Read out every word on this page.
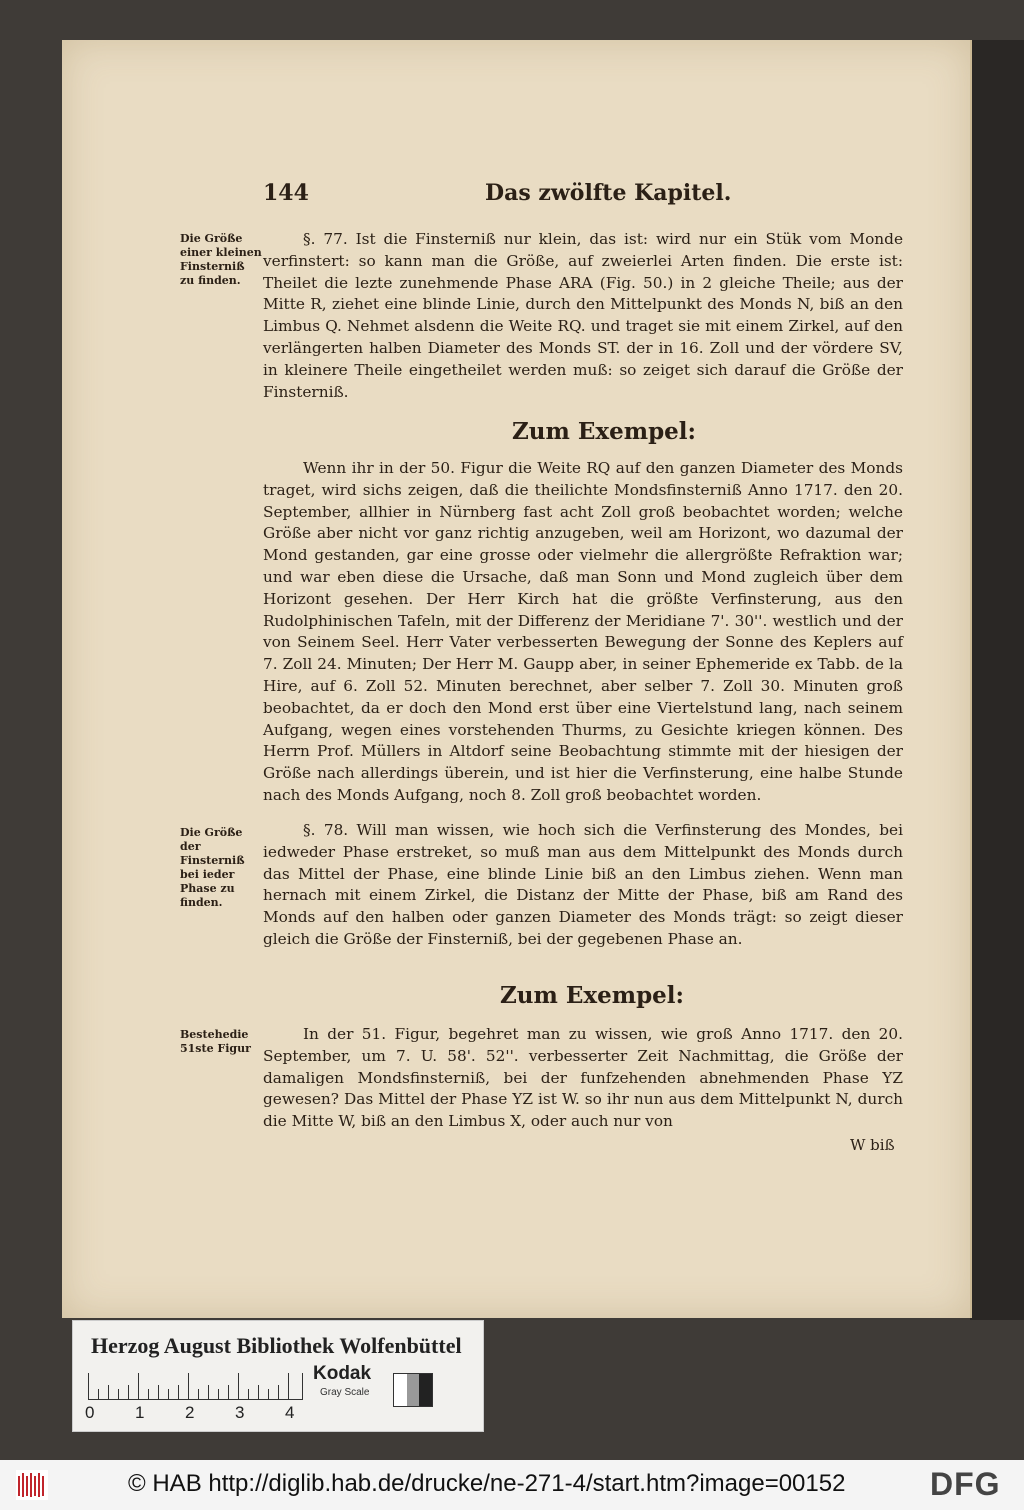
144	Das zwölfte Kapitel.
Die Größe einer kleinen Finsterniß zu finden.
Die Größe der Finsterniß bei ieder Phase zu finden.
Bestehedie 51ste Figur
§. 77. Ist die Finsterniß nur klein, das ist: wird nur ein Stük vom Monde verfinstert: so kann man die Größe, auf zweierlei Arten finden. Die erste ist: Theilet die lezte zunehmende Phase ARA (Fig. 50.) in 2 gleiche Theile; aus der Mitte R, ziehet eine blinde Linie, durch den Mittelpunkt des Monds N, biß an den Limbus Q. Nehmet alsdenn die Weite RQ. und traget sie mit einem Zirkel, auf den verlängerten halben Diameter des Monds ST. der in 16. Zoll und der vördere SV, in kleinere Theile eingetheilet werden muß: so zeiget sich darauf die Größe der Finsterniß.
Zum Exempel:
Wenn ihr in der 50. Figur die Weite RQ auf den ganzen Diameter des Monds traget, wird sichs zeigen, daß die theilichte Mondsfinsterniß Anno 1717. den 20. September, allhier in Nürnberg fast acht Zoll groß beobachtet worden; welche Größe aber nicht vor ganz richtig anzugeben, weil am Horizont, wo dazumal der Mond gestanden, gar eine grosse oder vielmehr die allergrößte Refraktion war; und war eben diese die Ursache, daß man Sonn und Mond zugleich über dem Horizont gesehen. Der Herr Kirch hat die größte Verfinsterung, aus den Rudolphinischen Tafeln, mit der Differenz der Meridiane 7'. 30''. westlich und der von Seinem Seel. Herr Vater verbesserten Bewegung der Sonne des Keplers auf 7. Zoll 24. Minuten; Der Herr M. Gaupp aber, in seiner Ephemeride ex Tabb. de la Hire, auf 6. Zoll 52. Minuten berechnet, aber selber 7. Zoll 30. Minuten groß beobachtet, da er doch den Mond erst über eine Viertelstund lang, nach seinem Aufgang, wegen eines vorstehenden Thurms, zu Gesichte kriegen können. Des Herrn Prof. Müllers in Altdorf seine Beobachtung stimmte mit der hiesigen der Größe nach allerdings überein, und ist hier die Verfinsterung, eine halbe Stunde nach des Monds Aufgang, noch 8. Zoll groß beobachtet worden.
§. 78. Will man wissen, wie hoch sich die Verfinsterung des Mondes, bei iedweder Phase erstreket, so muß man aus dem Mittelpunkt des Monds durch das Mittel der Phase, eine blinde Linie biß an den Limbus ziehen. Wenn man hernach mit einem Zirkel, die Distanz der Mitte der Phase, biß am Rand des Monds auf den halben oder ganzen Diameter des Monds trägt: so zeigt dieser gleich die Größe der Finsterniß, bei der gegebenen Phase an.
Zum Exempel:
In der 51. Figur, begehret man zu wissen, wie groß Anno 1717. den 20. September, um 7. U. 58'. 52''. verbesserter Zeit Nachmittag, die Größe der damaligen Mondsfinsterniß, bei der funfzehenden abnehmenden Phase YZ gewesen? Das Mittel der Phase YZ ist W. so ihr nun aus dem Mittelpunkt N, durch die Mitte W, biß an den Limbus X, oder auch nur von
W biß
Herzog August Bibliothek Wolfenbüttel
0 1 2 3 4
Kodak
Gray Scale
© HAB http://diglib.hab.de/drucke/ne-271-4/start.htm?image=00152	DFG
